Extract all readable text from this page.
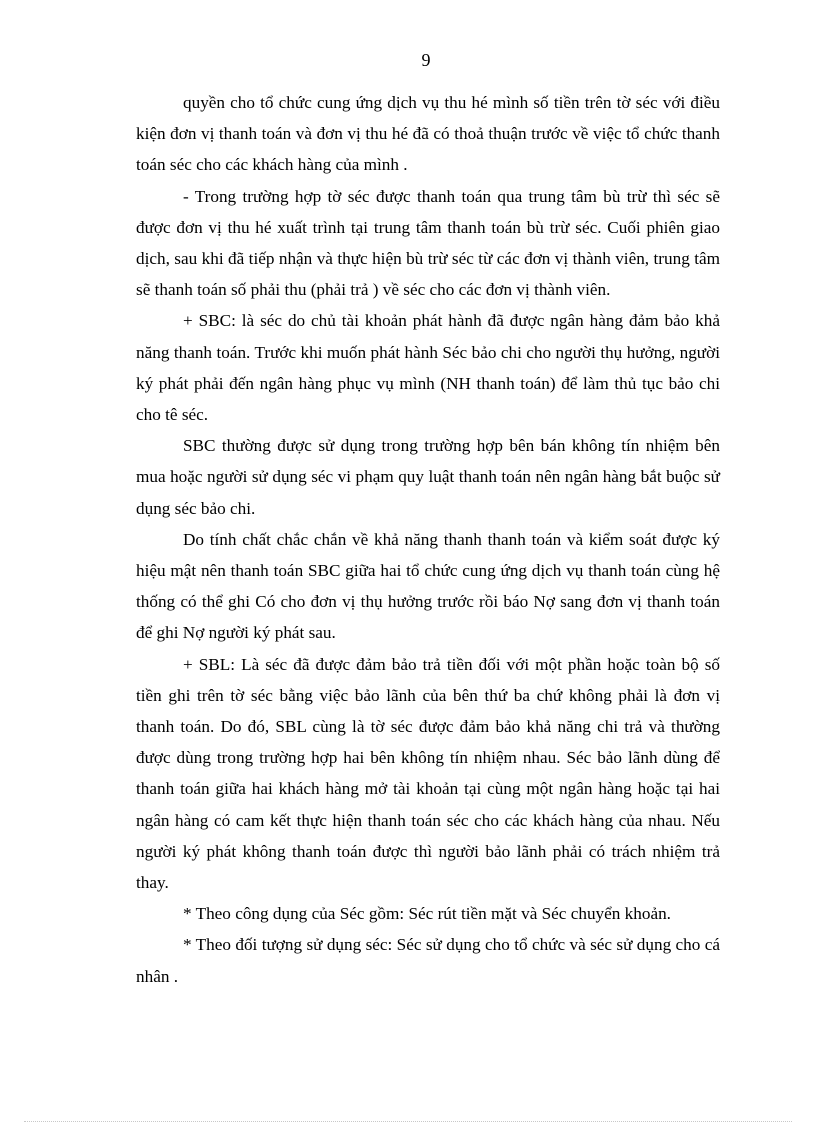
9

quyền cho tổ chức cung ứng dịch vụ thu hé mình số tiền trên tờ séc với điều kiện đơn vị thanh toán và đơn vị thu hé đã có thoả thuận trước về việc tổ chức thanh toán séc cho các khách hàng của mình .

- Trong trường hợp tờ séc được thanh toán qua trung tâm bù trừ thì séc sẽ được đơn vị thu hé xuất trình tại trung tâm thanh toán bù trừ séc. Cuối phiên giao dịch, sau khi đã tiếp nhận và thực hiện bù trừ séc từ các đơn vị thành viên, trung tâm sẽ thanh toán số phải thu (phải trả ) về séc cho các đơn vị thành viên.

+ SBC: là séc do chủ tài khoản phát hành đã được ngân hàng đảm bảo khả năng thanh toán. Trước khi muốn phát hành Séc bảo chi cho người thụ hưởng, người ký phát phải đến ngân hàng phục vụ mình (NH thanh toán) để làm thủ tục bảo chi cho tê séc.

SBC thường được sử dụng trong trường hợp bên bán không tín nhiệm bên mua hoặc người sử dụng séc vi phạm quy luật thanh toán nên ngân hàng bắt buộc sử dụng séc bảo chi.

Do tính chất chắc chắn về khả năng thanh thanh toán và kiểm soát được ký hiệu mật nên thanh toán SBC giữa hai tổ chức cung ứng dịch vụ thanh toán cùng hệ thống có thể ghi Có cho đơn vị thụ hưởng trước rồi báo Nợ sang đơn vị thanh toán để ghi Nợ người ký phát sau.

+ SBL: Là séc đã được đảm bảo trả tiền đối với một phần hoặc toàn bộ số tiền ghi trên tờ séc bằng việc bảo lãnh của bên thứ ba chứ không phải là đơn vị thanh toán. Do đó, SBL cùng là tờ séc được đảm bảo khả năng chi trả và thường được dùng trong trường hợp hai bên không tín nhiệm nhau. Séc bảo lãnh dùng để thanh toán giữa hai khách hàng mở tài khoản tại cùng một ngân hàng hoặc tại hai ngân hàng có cam kết thực hiện thanh toán séc cho các khách hàng của nhau. Nếu người ký phát không thanh toán được thì người bảo lãnh phải có trách nhiệm trả thay.

* Theo công dụng của Séc gồm: Séc rút tiền mặt và Séc chuyển khoản.

* Theo đối tượng sử dụng séc: Séc sử dụng cho tổ chức và séc sử dụng cho cá nhân .
